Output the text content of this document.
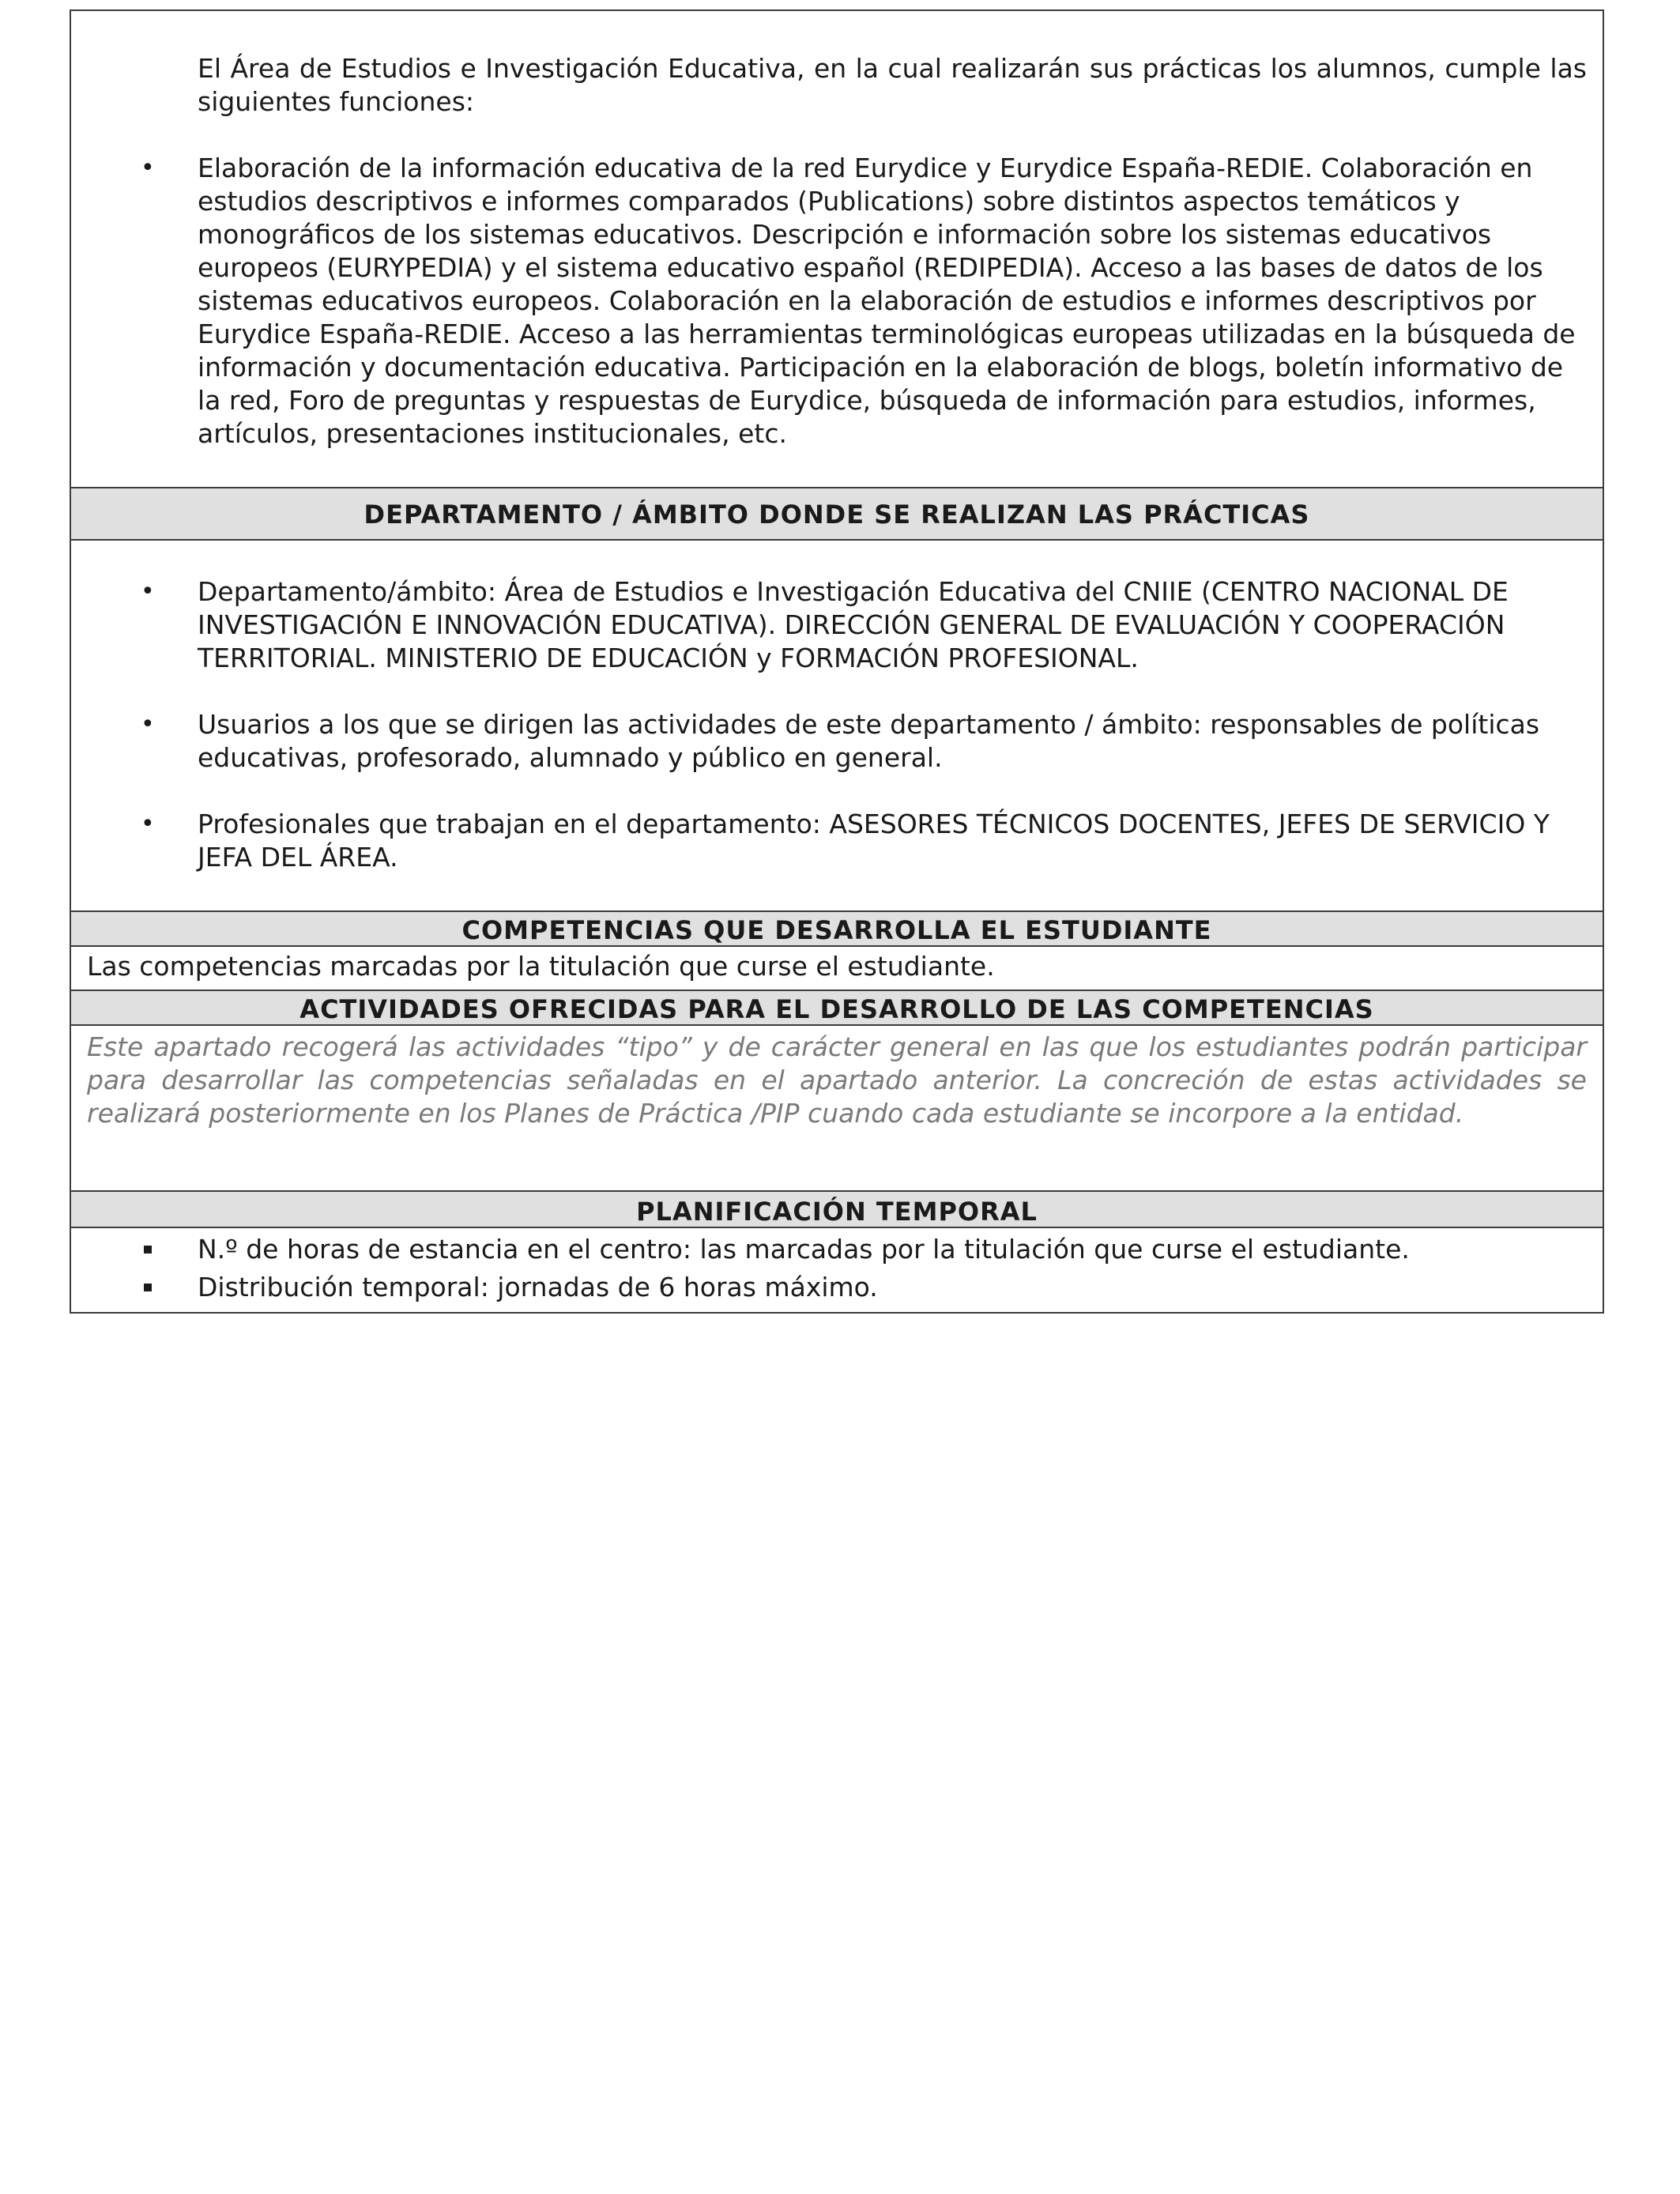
El Área de Estudios e Investigación Educativa, en la cual realizarán sus prácticas los alumnos, cumple las siguientes funciones:

• Elaboración de la información educativa de la red Eurydice y Eurydice España-REDIE. Colaboración en estudios descriptivos e informes comparados (Publications) sobre distintos aspectos temáticos y monográficos de los sistemas educativos. Descripción e información sobre los sistemas educativos europeos (EURYPEDIA) y el sistema educativo español (REDIPEDIA). Acceso a las bases de datos de los sistemas educativos europeos. Colaboración en la elaboración de estudios e informes descriptivos por Eurydice España-REDIE. Acceso a las herramientas terminológicas europeas utilizadas en la búsqueda de información y documentación educativa. Participación en la elaboración de blogs, boletín informativo de la red, Foro de preguntas y respuestas de Eurydice, búsqueda de información para estudios, informes, artículos, presentaciones institucionales, etc.
DEPARTAMENTO / ÁMBITO DONDE SE REALIZAN LAS PRÁCTICAS
• Departamento/ámbito: Área de Estudios e Investigación Educativa del CNIIE (CENTRO NACIONAL DE INVESTIGACIÓN E INNOVACIÓN EDUCATIVA). DIRECCIÓN GENERAL DE EVALUACIÓN Y COOPERACIÓN TERRITORIAL. MINISTERIO DE EDUCACIÓN y FORMACIÓN PROFESIONAL.
• Usuarios a los que se dirigen las actividades de este departamento / ámbito: responsables de políticas educativas, profesorado, alumnado y público en general.
• Profesionales que trabajan en el departamento: ASESORES TÉCNICOS DOCENTES, JEFES DE SERVICIO Y JEFA DEL ÁREA.
COMPETENCIAS QUE DESARROLLA EL ESTUDIANTE

Las competencias marcadas por la titulación que curse el estudiante.

ACTIVIDADES OFRECIDAS PARA EL DESARROLLO DE LAS COMPETENCIAS

Este apartado recogerá las actividades “tipo” y de carácter general en las que los estudiantes podrán participar para desarrollar las competencias señaladas en el apartado anterior. La concreción de estas actividades se realizará posteriormente en los Planes de Práctica /PIP cuando cada estudiante se incorpore a la entidad.

PLANIFICACIÓN TEMPORAL
N.º de horas de estancia en el centro: las marcadas por la titulación que curse el estudiante.
Distribución temporal: jornadas de 6 horas máximo.
